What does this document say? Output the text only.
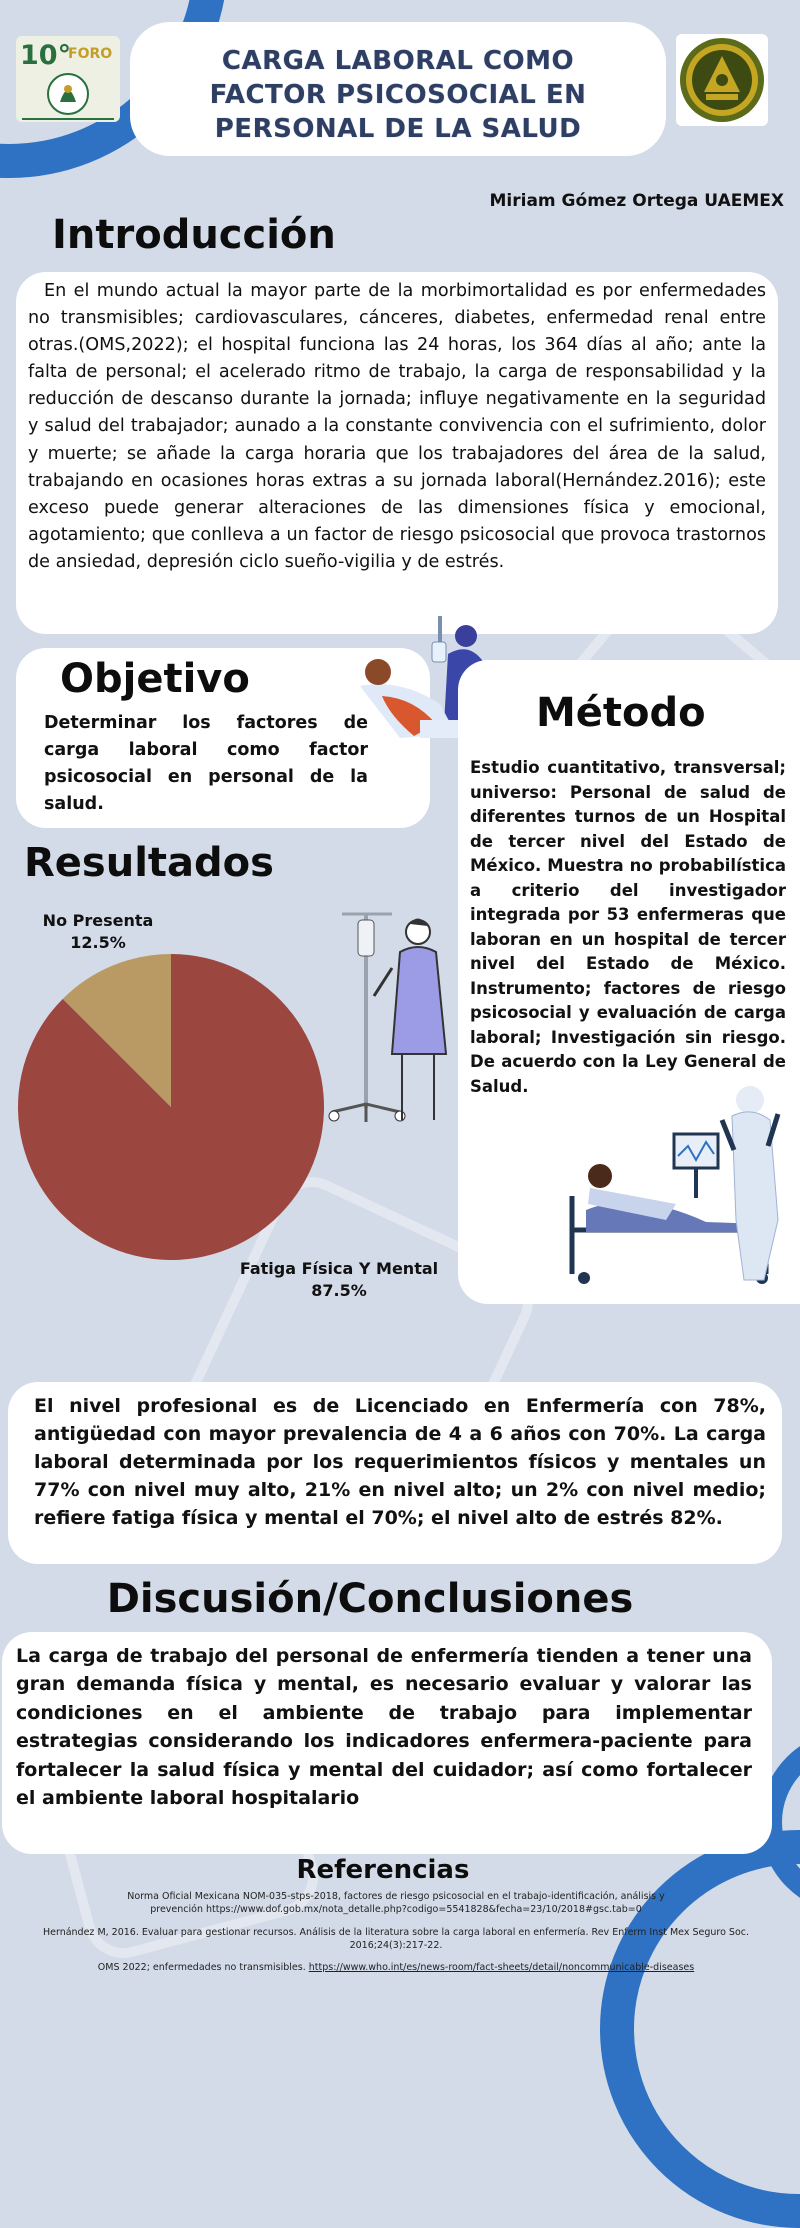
10°
FORO	CARGA LABORAL COMO
FACTOR PSICOSOCIAL EN
PERSONAL DE LA SALUD
Miriam Gómez Ortega UAEMEX
Introducción
En el mundo actual la mayor parte de la morbimortalidad es por enfermedades no transmisibles; cardiovasculares, cánceres, diabetes, enfermedad renal entre otras.(OMS,2022); el hospital funciona las 24 horas, los 364 días al año; ante la falta de personal; el acelerado ritmo de trabajo, la carga de responsabilidad y la reducción de descanso durante la jornada; influye negativamente en la seguridad y salud del trabajador; aunado a la constante convivencia con el sufrimiento, dolor y muerte; se añade la carga horaria que los trabajadores del área de la salud, trabajando en ocasiones horas extras a su jornada laboral(Hernández.2016); este exceso puede generar alteraciones de las dimensiones física y emocional, agotamiento; que conlleva a un factor de riesgo psicosocial que provoca trastornos de ansiedad, depresión ciclo sueño-vigilia y de estrés.
Objetivo
Determinar los factores de carga laboral como factor psicosocial en personal de la salud.
Método
Estudio cuantitativo, transversal; universo: Personal de salud de diferentes turnos de un Hospital de tercer nivel del Estado de México. Muestra no probabilística a criterio del investigador integrada por 53 enfermeras que laboran en un hospital de tercer nivel del Estado de México. Instrumento; factores de riesgo psicosocial y evaluación de carga laboral; Investigación sin riesgo. De acuerdo con la Ley General de Salud.
Resultados
No Presenta
12.5%
Fatiga Física Y Mental
87.5%
El nivel profesional es de Licenciado en Enfermería con 78%, antigüedad con mayor prevalencia de 4 a 6 años con 70%. La carga laboral determinada por los requerimientos físicos y mentales un 77% con nivel muy alto, 21% en nivel alto; un 2% con nivel medio; refiere fatiga física y mental el 70%; el nivel alto de estrés 82%.
Discusión/Conclusiones
La carga de trabajo del personal de enfermería tienden a tener una gran demanda física y mental, es necesario evaluar y valorar las condiciones en el ambiente de trabajo para implementar estrategias considerando los indicadores enfermera-paciente para fortalecer la salud física y mental del cuidador; así como fortalecer el ambiente laboral hospitalario
Referencias
Norma Oficial Mexicana NOM-035-stps-2018, factores de riesgo psicosocial en el trabajo-identificación, análisis y prevención https://www.dof.gob.mx/nota_detalle.php?codigo=5541828&fecha=23/10/2018#gsc.tab=0
Hernández M, 2016. Evaluar para gestionar recursos. Análisis de la literatura sobre la carga laboral en enfermería. Rev Enferm Inst Mex Seguro Soc. 2016;24(3):217-22.
OMS 2022; enfermedades no transmisibles. https://www.who.int/es/news-room/fact-sheets/detail/noncommunicable-diseases
